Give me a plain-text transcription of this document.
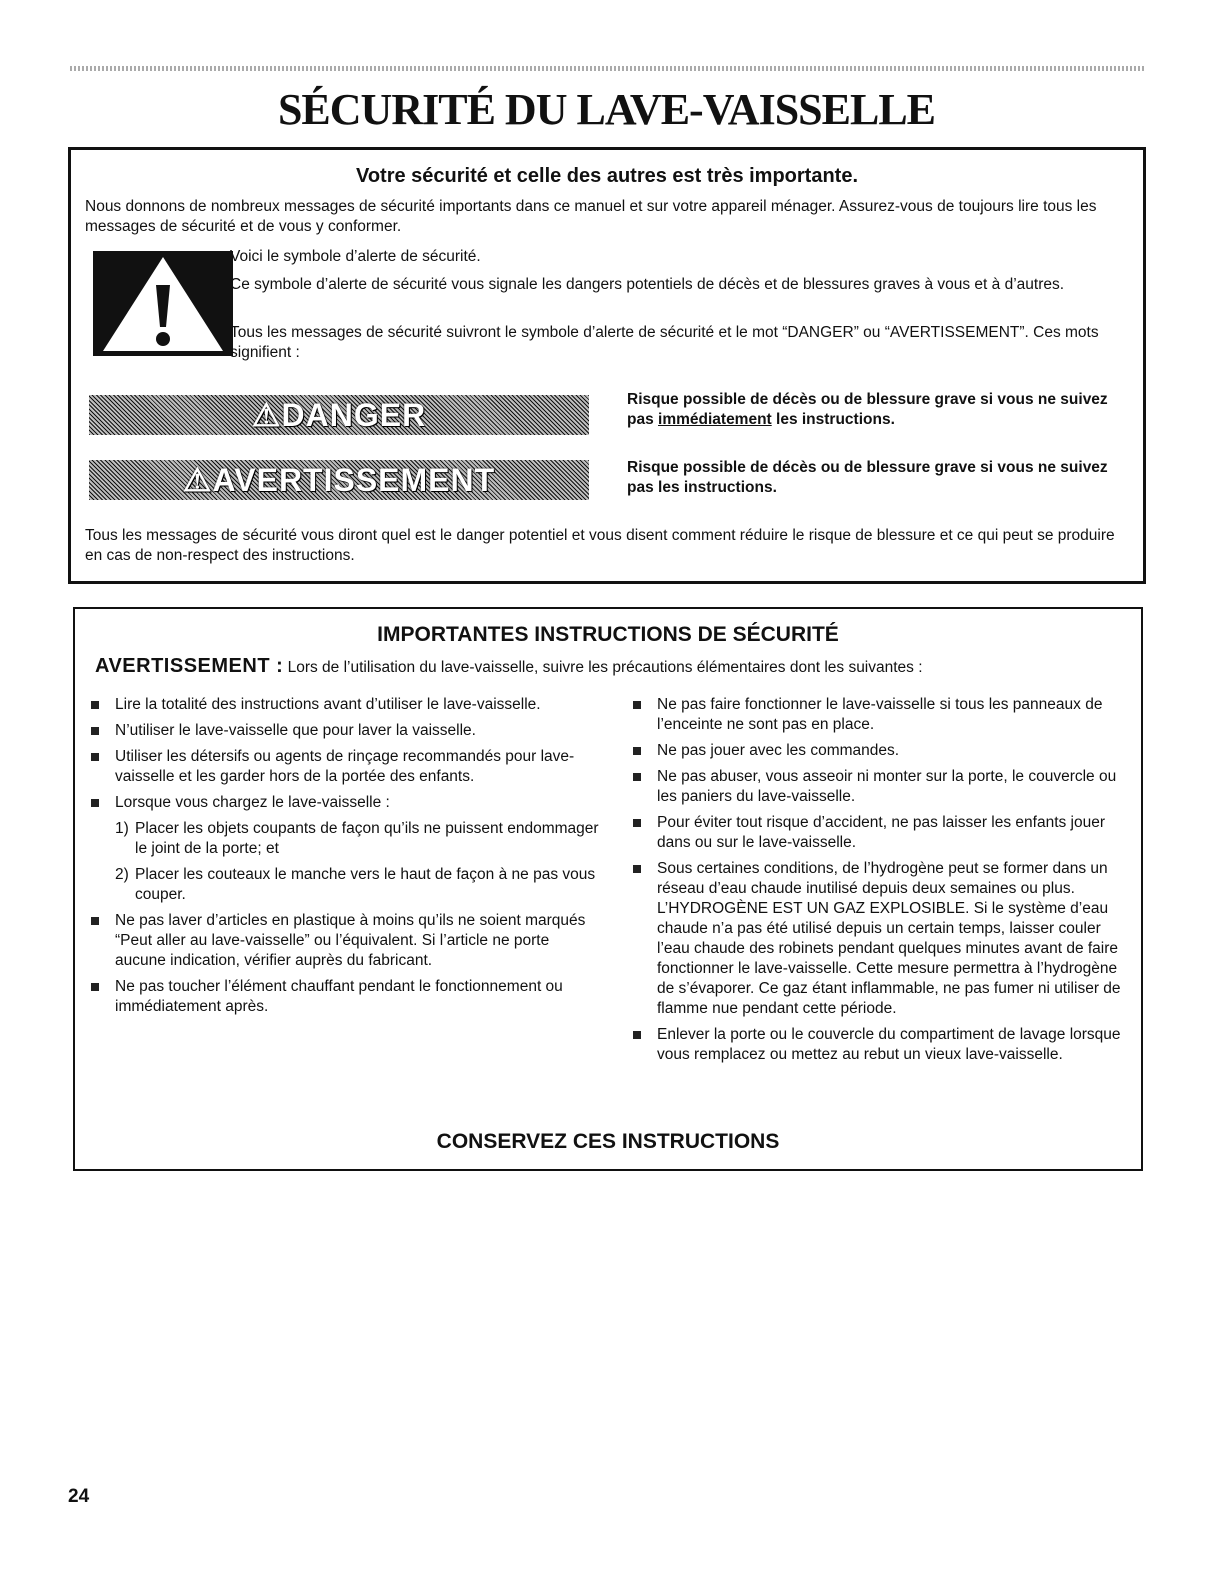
SÉCURITÉ DU LAVE-VAISSELLE
Votre sécurité et celle des autres est très importante.
Nous donnons de nombreux messages de sécurité importants dans ce manuel et sur votre appareil ménager. Assurez-vous de toujours lire tous les messages de sécurité et de vous y conformer.
Voici le symbole d’alerte de sécurité.
Ce symbole d’alerte de sécurité vous signale les dangers potentiels de décès et de blessures graves à vous et à d’autres.
Tous les messages de sécurité suivront le symbole d’alerte de sécurité et le mot “DANGER” ou “AVERTISSEMENT”. Ces mots signifient :
⚠DANGER	Risque possible de décès ou de blessure grave si vous ne suivez pas immédiatement les instructions.
⚠AVERTISSEMENT	Risque possible de décès ou de blessure grave si vous ne suivez pas les instructions.
Tous les messages de sécurité vous diront quel est le danger potentiel et vous disent comment réduire le risque de blessure et ce qui peut se produire en cas de non-respect des instructions.
IMPORTANTES INSTRUCTIONS DE SÉCURITÉ
AVERTISSEMENT : Lors de l’utilisation du lave-vaisselle, suivre les précautions élémentaires dont les suivantes :
Lire la totalité des instructions avant d’utiliser le lave-vaisselle.
N’utiliser le lave-vaisselle que pour laver la vaisselle.
Utiliser les détersifs ou agents de rinçage recommandés pour lave-vaisselle et les garder hors de la portée des enfants.
Lorsque vous chargez le lave-vaisselle :
1) Placer les objets coupants de façon qu’ils ne puissent endommager le joint de la porte; et
2) Placer les couteaux le manche vers le haut de façon à ne pas vous couper.
Ne pas laver d’articles en plastique à moins qu’ils ne soient marqués “Peut aller au lave-vaisselle” ou l’équivalent. Si l’article ne porte aucune indication, vérifier auprès du fabricant.
Ne pas toucher l’élément chauffant pendant le fonctionnement ou immédiatement après.
Ne pas faire fonctionner le lave-vaisselle si tous les panneaux de l’enceinte ne sont pas en place.
Ne pas jouer avec les commandes.
Ne pas abuser, vous asseoir ni monter sur la porte, le couvercle ou les paniers du lave-vaisselle.
Pour éviter tout risque d’accident, ne pas laisser les enfants jouer dans ou sur le lave-vaisselle.
Sous certaines conditions, de l’hydrogène peut se former dans un réseau d’eau chaude inutilisé depuis deux semaines ou plus. L’HYDROGÈNE EST UN GAZ EXPLOSIBLE. Si le système d’eau chaude n’a pas été utilisé depuis un certain temps, laisser couler l’eau chaude des robinets pendant quelques minutes avant de faire fonctionner le lave-vaisselle. Cette mesure permettra à l’hydrogène de s’évaporer. Ce gaz étant inflammable, ne pas fumer ni utiliser de flamme nue pendant cette période.
Enlever la porte ou le couvercle du compartiment de lavage lorsque vous remplacez ou mettez au rebut un vieux lave-vaisselle.
CONSERVEZ CES INSTRUCTIONS
24
